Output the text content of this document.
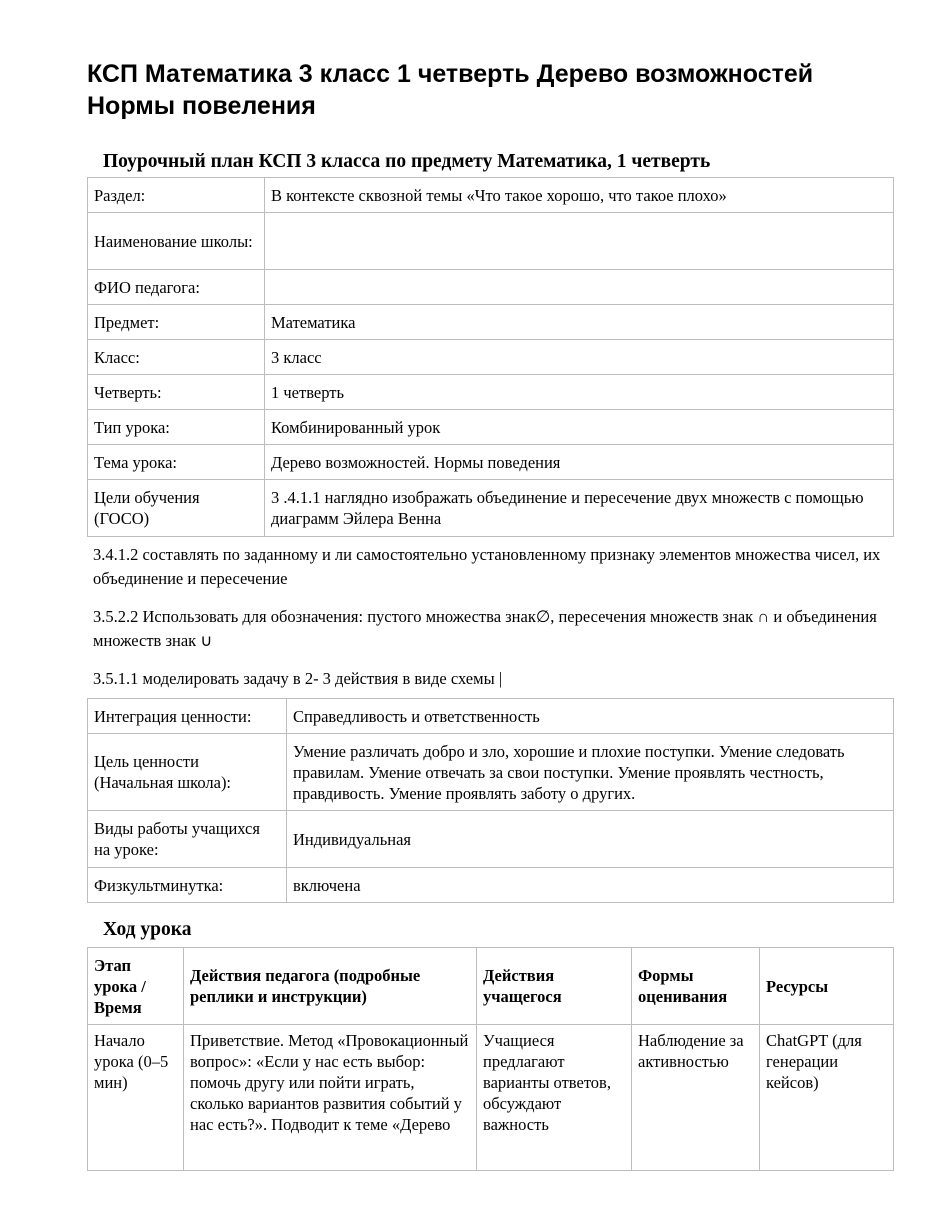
КСП Математика 3 класс 1 четверть Дерево возможностей Нормы повеления
Поурочный план КСП 3 класса по предмету Математика, 1 четверть
Раздел:	В контексте сквозной темы «Что такое хорошо, что такое плохо»
Наименование школы:	
ФИО педагога:	
Предмет:	Математика
Класс:	3 класс
Четверть:	1 четверть
Тип урока:	Комбинированный урок
Тема урока:	Дерево возможностей. Нормы поведения
Цели обучения (ГОСО)	3 .4.1.1 наглядно изображать объединение и пересечение двух множеств с помощью диаграмм Эйлера Венна

3.4.1.2 составлять по заданному и ли самостоятельно установленному признаку элементов множества чисел, их объединение и пересечение

3.5.2.2 Использовать для обозначения: пустого множества знак∅, пересечения множеств знак ∩ и объединения множеств знак ∪

3.5.1.1 моделировать задачу в 2- 3 действия в виде схемы |

Интеграция ценности:	Справедливость и ответственность
Цель ценности (Начальная школа):	Умение различать добро и зло, хорошие и плохие поступки. Умение следовать правилам. Умение отвечать за свои поступки. Умение проявлять честность, правдивость. Умение проявлять заботу о других.
Виды работы учащихся на уроке:	Индивидуальная
Физкультминутка:	включена
Ход урока
Этап урока / Время	Действия педагога (подробные реплики и инструкции)	Действия учащегося	Формы оценивания	Ресурсы
Начало урока (0–5 мин)	Приветствие. Метод «Провокационный вопрос»: «Если у нас есть выбор: помочь другу или пойти играть, сколько вариантов развития событий у нас есть?». Подводит к теме «Дерево	Учащиеся предлагают варианты ответов, обсуждают важность	Наблюдение за активностью	ChatGPT (для генерации кейсов)
